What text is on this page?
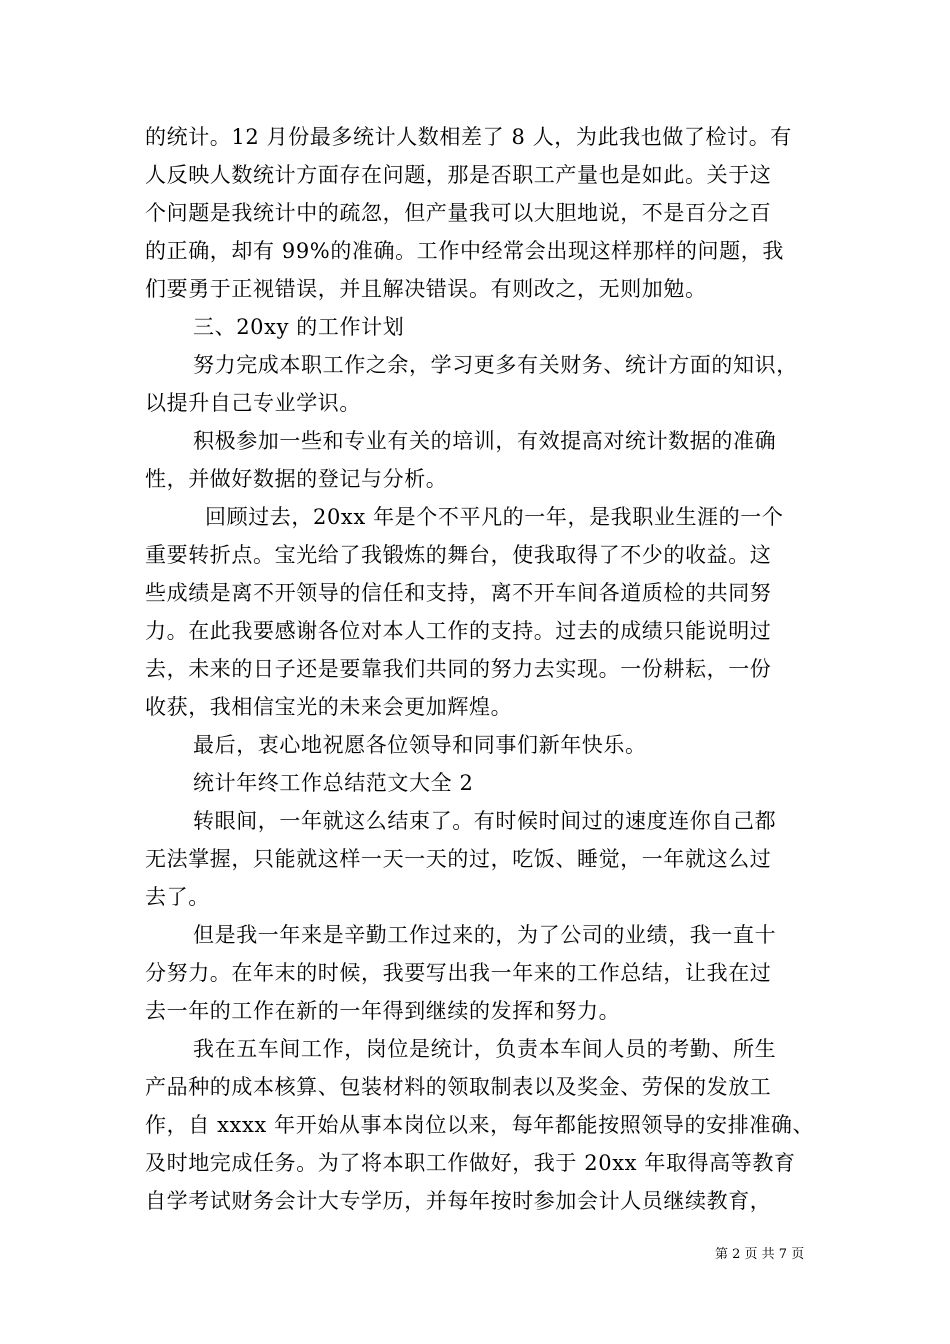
的统计。12 月份最多统计人数相差了 8 人，为此我也做了检讨。有
人反映人数统计方面存在问题，那是否职工产量也是如此。关于这
个问题是我统计中的疏忽，但产量我可以大胆地说，不是百分之百
的正确，却有 99%的准确。工作中经常会出现这样那样的问题，我
们要勇于正视错误，并且解决错误。有则改之，无则加勉。
三、20xy 的工作计划
努力完成本职工作之余，学习更多有关财务、统计方面的知识，
以提升自己专业学识。
积极参加一些和专业有关的培训，有效提高对统计数据的准确
性，并做好数据的登记与分析。
回顾过去，20xx 年是个不平凡的一年，是我职业生涯的一个
重要转折点。宝光给了我锻炼的舞台，使我取得了不少的收益。这
些成绩是离不开领导的信任和支持，离不开车间各道质检的共同努
力。在此我要感谢各位对本人工作的支持。过去的成绩只能说明过
去，未来的日子还是要靠我们共同的努力去实现。一份耕耘，一份
收获，我相信宝光的未来会更加辉煌。
最后，衷心地祝愿各位领导和同事们新年快乐。
统计年终工作总结范文大全 2
转眼间，一年就这么结束了。有时候时间过的速度连你自己都
无法掌握，只能就这样一天一天的过，吃饭、睡觉，一年就这么过
去了。
但是我一年来是辛勤工作过来的，为了公司的业绩，我一直十
分努力。在年末的时候，我要写出我一年来的工作总结，让我在过
去一年的工作在新的一年得到继续的发挥和努力。
我在五车间工作，岗位是统计，负责本车间人员的考勤、所生
产品种的成本核算、包装材料的领取制表以及奖金、劳保的发放工
作，自 xxxx 年开始从事本岗位以来，每年都能按照领导的安排准确、
及时地完成任务。为了将本职工作做好，我于 20xx 年取得高等教育
自学考试财务会计大专学历，并每年按时参加会计人员继续教育，
第 2 页 共 7 页
